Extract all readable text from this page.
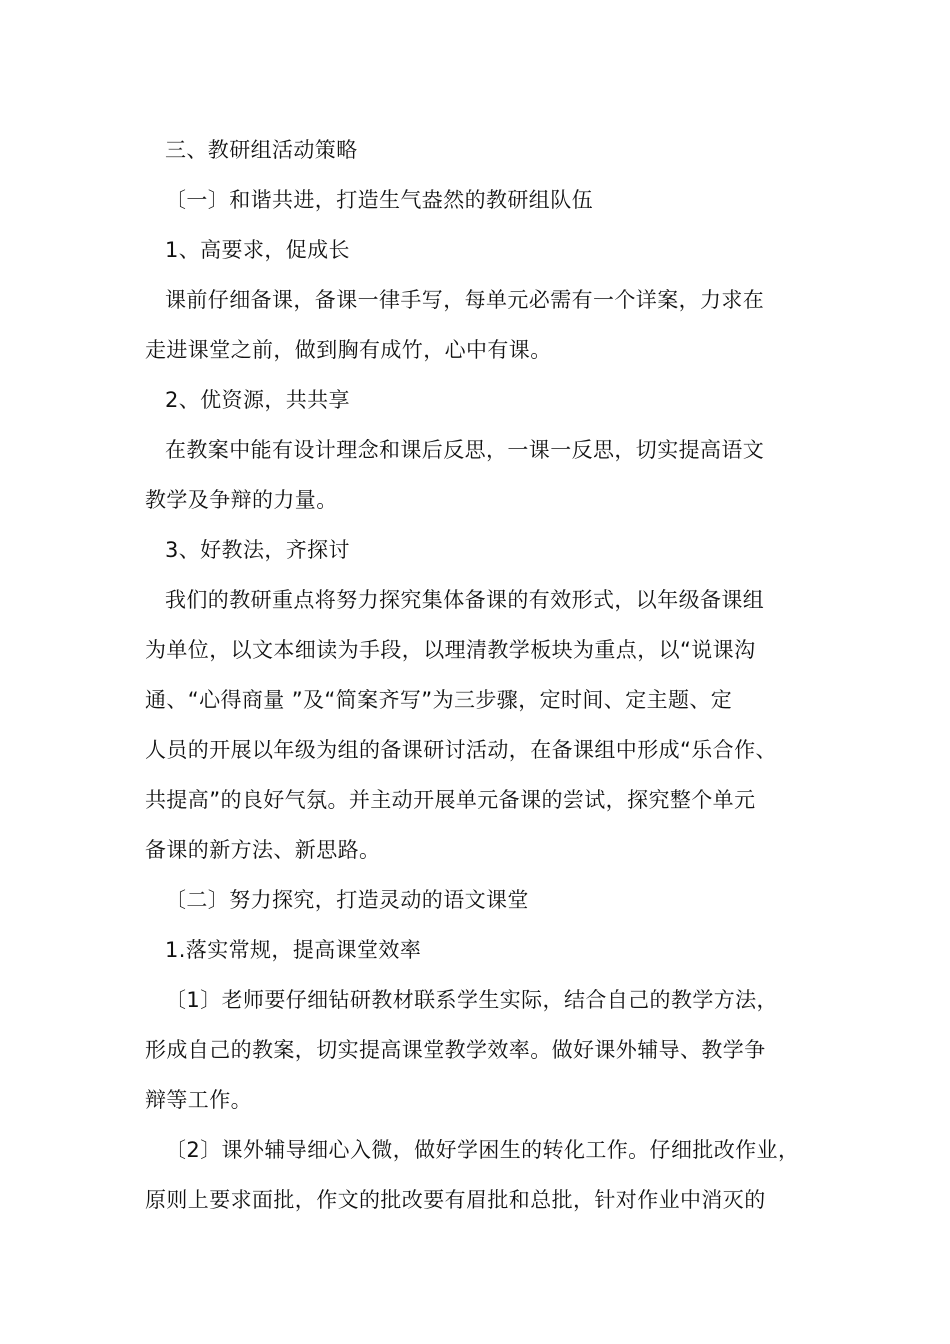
三、教研组活动策略
〔一〕和谐共进，打造生气盎然的教研组队伍
1、高要求，促成长
课前仔细备课，备课一律手写，每单元必需有一个详案，力求在
走进课堂之前，做到胸有成竹，心中有课。
2、优资源，共共享
在教案中能有设计理念和课后反思，一课一反思，切实提高语文
教学及争辩的力量。
3、好教法，齐探讨
我们的教研重点将努力探究集体备课的有效形式，以年级备课组
为单位，以文本细读为手段，以理清教学板块为重点，以“说课沟
通、“心得商量 ”及“简案齐写”为三步骤，定时间、定主题、定
人员的开展以年级为组的备课研讨活动，在备课组中形成“乐合作、
共提高”的良好气氛。并主动开展单元备课的尝试，探究整个单元
备课的新方法、新思路。
〔二〕努力探究，打造灵动的语文课堂
1.落实常规，提高课堂效率
〔1〕老师要仔细钻研教材联系学生实际，结合自己的教学方法，
形成自己的教案，切实提高课堂教学效率。做好课外辅导、教学争
辩等工作。
〔2〕课外辅导细心入微，做好学困生的转化工作。仔细批改作业，
原则上要求面批，作文的批改要有眉批和总批，针对作业中消灭的
